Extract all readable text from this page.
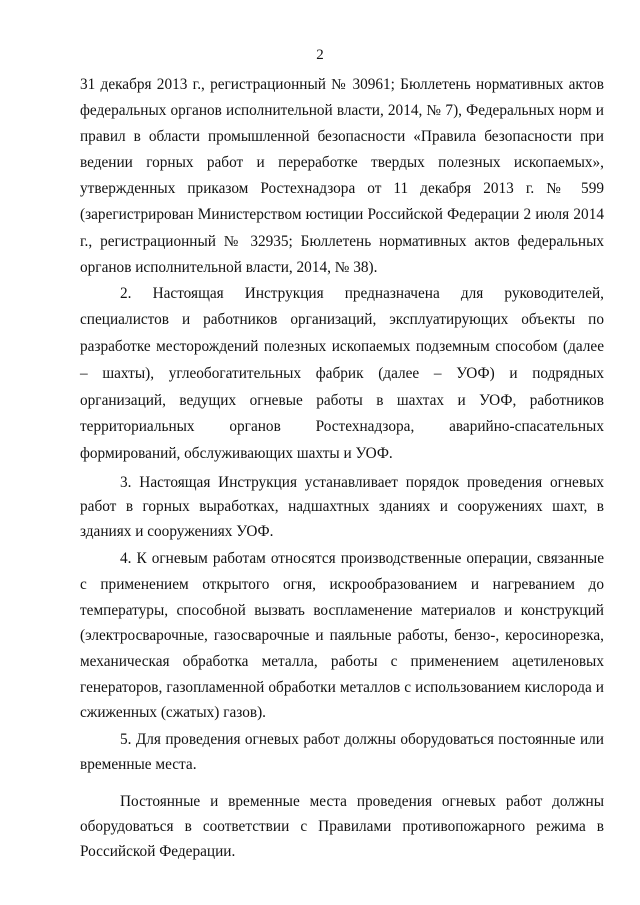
2

31 декабря 2013 г., регистрационный № 30961; Бюллетень нормативных актов федеральных органов исполнительной власти, 2014, № 7), Федеральных норм и правил в области промышленной безопасности «Правила безопасности при ведении горных работ и переработке твердых полезных ископаемых», утвержденных приказом Ростехнадзора от 11 декабря 2013 г. № 599 (зарегистрирован Министерством юстиции Российской Федерации 2 июля 2014 г., регистрационный № 32935; Бюллетень нормативных актов федеральных органов исполнительной власти, 2014, № 38).

2. Настоящая Инструкция предназначена для руководителей, специалистов и работников организаций, эксплуатирующих объекты по разработке месторождений полезных ископаемых подземным способом (далее – шахты), углеобогатительных фабрик (далее – УОФ) и подрядных организаций, ведущих огневые работы в шахтах и УОФ, работников территориальных органов Ростехнадзора, аварийно-спасательных формирований, обслуживающих шахты и УОФ.

3. Настоящая Инструкция устанавливает порядок проведения огневых работ в горных выработках, надшахтных зданиях и сооружениях шахт, в зданиях и сооружениях УОФ.

4. К огневым работам относятся производственные операции, связанные с применением открытого огня, искрообразованием и нагреванием до температуры, способной вызвать воспламенение материалов и конструкций (электросварочные, газосварочные и паяльные работы, бензо-, керосинорезка, механическая обработка металла, работы с применением ацетиленовых генераторов, газопламенной обработки металлов с использованием кислорода и сжиженных (сжатых) газов).

5. Для проведения огневых работ должны оборудоваться постоянные или временные места.

Постоянные и временные места проведения огневых работ должны оборудоваться в соответствии с Правилами противопожарного режима в Российской Федерации.
